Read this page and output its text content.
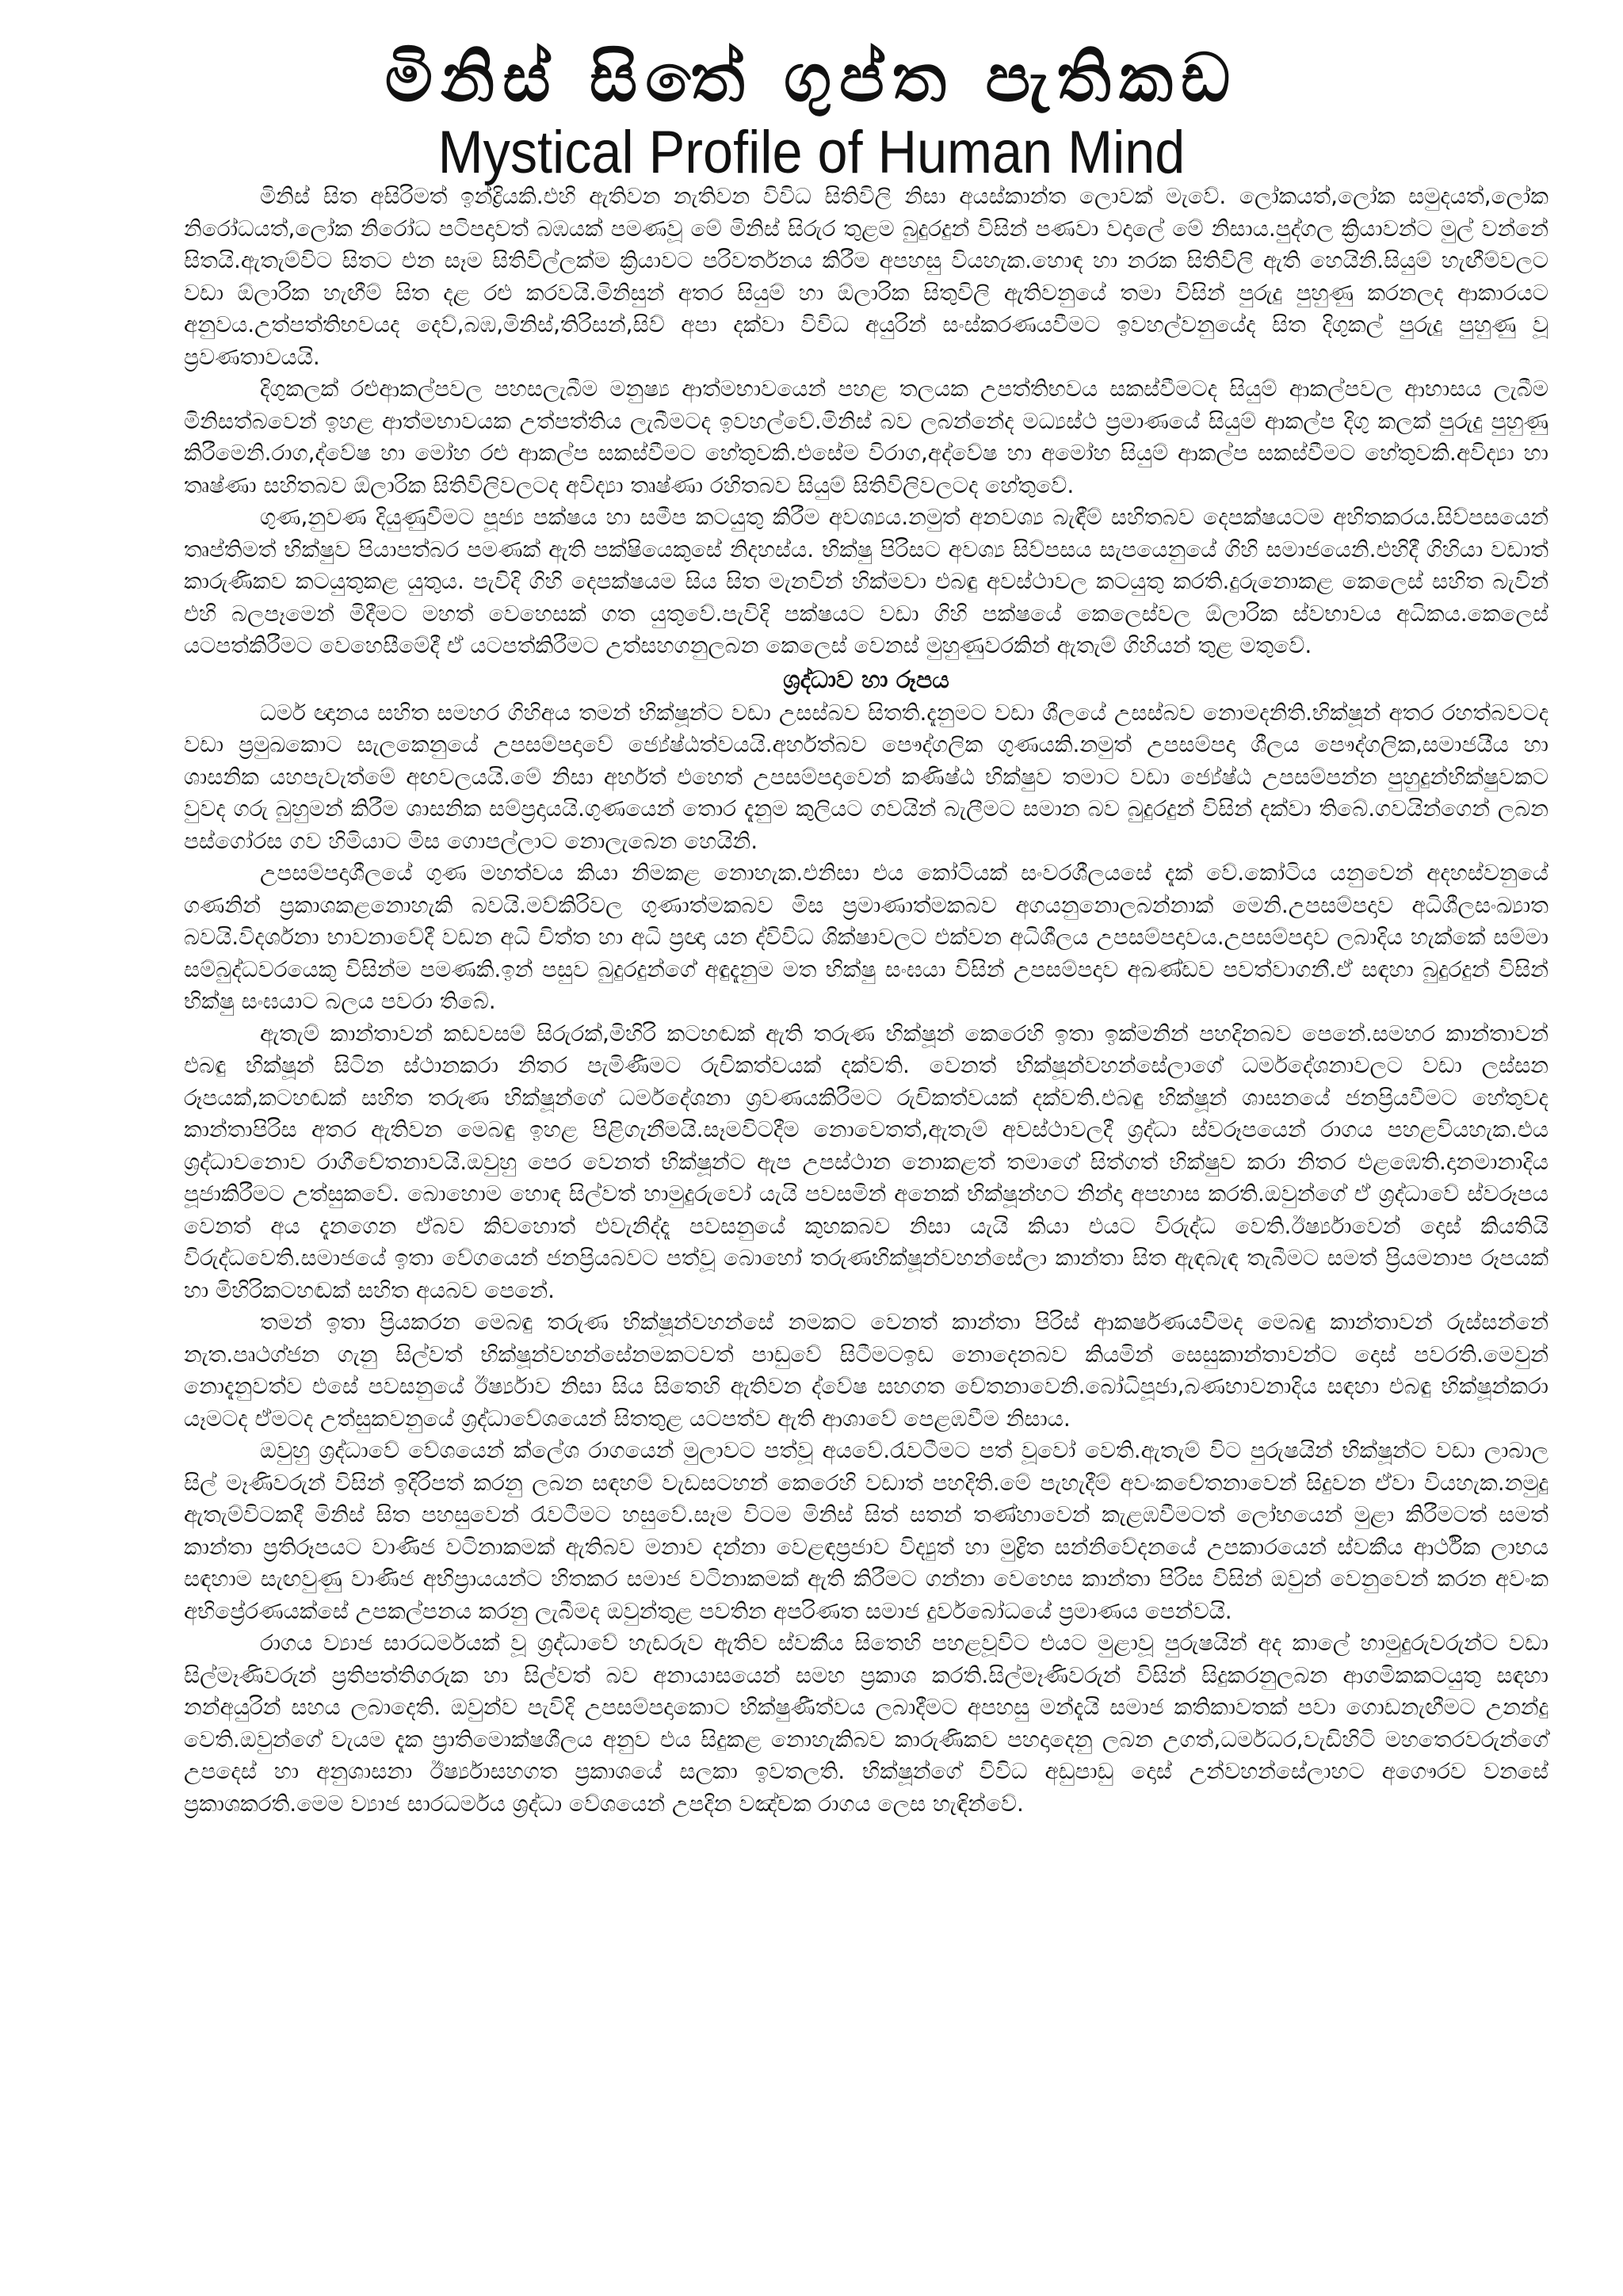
මිනිස් සිතේ ගුප්ත පැතිකඩ
Mystical Profile of Human Mind

මිනිස් සිත අසිරිමත් ඉන්ද්‍රියකි.එහි ඇතිවන නැතිවන විවිධ සිතිවිලි නිසා අයස්කාන්ත ලොවක් මැවේ. ලෝකයත්,ලෝක සමුදයත්,ලෝක නිරෝධයත්,ලෝක නිරෝධ පටිපදාවත් බඹයක් පමණවූ මේ මිනිස් සිරුර තුළම බුදුරදුන් විසින් පණවා වදාලේ මේ නිසාය.පුද්ගල ක්‍රියාවන්ට මුල් වන්නේ සිතයි.ඇතැම්විට සිතට එන සෑම සිතිවිල්ලක්ම ක්‍රියාවට පරිවර්තනය කිරීම අපහසු වියහැක.හොඳ හා නරක සිතිවිලි ඇති හෙයිනි.සියුම් හැඟීම්වලට වඩා ඕලාරික හැඟීම් සිත දළ රළු කරවයි.මිනිසුන් අතර සියුම් හා ඕලාරික සිතුවිලි ඇතිවනුයේ තමා විසින් පුරුදු පුහුණු කරනලද ආකාරයට අනුවය.උත්පත්තිභවයද දෙව්,බඹ,මිනිස්,තිරිසන්,සිව් අපා දක්වා විවිධ අයුරින් සංස්කරණයවීමට ඉවහල්වනුයේද සිත දිගුකල් පුරුදු පුහුණු වූ ප්‍රවණතාවයයි.

දිගුකලක් රළුආකල්පවල පහසලැබීම මනුෂ්‍ය ආත්මභාවයෙන් පහළ තලයක උපත්තිභවය සකස්වීමටද සියුම් ආකල්පවල ආභාසය ලැබීම මිනිසත්බවෙන් ඉහළ ආත්මභාවයක උත්පත්තිය ලැබීමටද ඉවහල්වේ.මිනිස් බව ලබන්නේද මධ්‍යස්ථ ප්‍රමාණයේ සියුම් ආකල්ප දිගු කලක් පුරුදු පුහුණු කිරීමෙනි.රාග,ද්වේෂ හා මෝහ රළු ආකල්ප සකස්වීමට හේතුවකි.එසේම විරාග,අද්වේෂ හා අමෝහ සියුම් ආකල්ප සකස්වීමට හේතුවකි.අවිද්‍යා හා තෘෂ්ණා සහිතබව ඕලාරික සිතිවිලිවලටද අවිද්‍යා තෘෂ්ණා රහිතබව සියුම් සිතිවිලිවලටද හේතුවේ.

ගුණ,නුවණ දියුණුවීමට පූජ්‍ය පක්ෂය හා සමීප කටයුතු කිරීම අවශ්‍යය.නමුත් අනවශ්‍ය බැඳීම් සහිතබව දෙපක්ෂයටම අහිතකරය.සිව්පසයෙන් තෘප්තිමත් භික්ෂුව පියාපත්බර පමණක් ඇති පක්ෂියෙකුසේ නිදහස්ය. භික්ෂු පිරිසට අවශ්‍ය සිව්පසය සැපයෙනුයේ ගිහි සමාජයෙනි.එහිදී ගිහියා වඩාත් කාරුණිකව කටයුතුකළ යුතුය. පැවිදි ගිහි දෙපක්ෂයම සිය සිත මැනවින් හික්මවා එබඳු අවස්ථාවල කටයුතු කරති.දුරුනොකළ කෙලෙස් සහිත බැවින් එහි බලපෑමෙන් මිදීමට මහත් වෙහෙසක් ගත යුතුවේ.පැවිදි පක්ෂයට වඩා ගිහි පක්ෂයේ කෙලෙස්වල ඕලාරික ස්වභාවය අධිකය.කෙලෙස් යටපත්කිරීමට වෙහෙසීමේදී ඒ යටපත්කිරීමට උත්සහගනුලබන කෙලෙස් වෙනස් මුහුණුවරකින් ඇතැම් ගිහියන් තුළ මතුවේ.

ශ්‍රද්ධාව හා රූපය

ධර්ම ඥානය සහිත සමහර ගිහිඅය තමන් භික්ෂූන්ට වඩා උසස්බව සිතති.දැනුමට වඩා ශීලයේ උසස්බව නොමදනිති.භික්ෂූන් අතර රහත්බවටද වඩා ප්‍රමුඛකොට සැලකෙනුයේ උපසම්පදාවේ ජ්‍යේෂ්ඨත්වයයි.අර්හත්බව පෞද්ගලික ගුණයකි.නමුත් උපසම්පදා ශීලය පෞද්ගලික,සමාජයීය හා ශාසනික යහපැවැත්මේ අඟවලයයි.මේ නිසා අර්හත් එහෙත් උපසම්පදාවෙන් කණිෂ්ඨ භික්ෂුව තමාට වඩා ජ්‍යේෂ්ඨ උපසම්පන්න පුහුදුන්භික්ෂුවකට වුවද ගරු බුහුමන් කිරීම ශාසනික සම්ප්‍රදායයි.ගුණයෙන් තොර දැනුම කුලියට ගවයින් බැලීමට සමාන බව බුදුරදුන් විසින් දක්වා තිබේ.ගවයින්ගෙන් ලබන පස්ගෝරස ගව හිමියාට මිස ගොපල්ලාට නොලැබෙන හෙයිනි.

උපසම්පදාශීලයේ ගුණ මහත්වය කියා නිමකළ නොහැක.එනිසා එය කෝටියක් සංවරශීලයසේ දැක් වේ.කෝටිය යනුවෙන් අදහස්වනුයේ ගණනින් ප්‍රකාශකළනොහැකි බවයි.මව්කිරිවල ගුණාත්මකබව මිස ප්‍රමාණාත්මකබව අගයනුනොලබන්නාක් මෙනි.උපසම්පදාව අධිශීලසංඛ්‍යාත බවයි.විදර්ශනා භාවනාවේදී වඩන අධි චිත්ත හා අධි ප්‍රඥා යන ද්විවිධ ශික්ෂාවලට එක්වන අධිශීලය උපසම්පදාවය.උපසම්පදාව ලබාදිය හැක්කේ සම්මා සම්බුද්ධවරයෙකු විසින්ම පමණකි.ඉන් පසුව බුදුරදුන්ගේ අඳුදැනුම මත භික්ෂු සංඝයා විසින් උපසම්පදාව අඛණ්ඩව පවත්වාගනී.ඒ සඳහා බුදුරදුන් විසින් භික්ෂු සංඝයාට බලය පවරා තිබේ.

ඇතැම් කාන්තාවන් කඩවසම් සිරුරක්,මිහිරි කටහඬක් ඇති තරුණ භික්ෂූන් කෙරෙහි ඉතා ඉක්මනින් පහදිනබව පෙනේ.සමහර කාන්තාවන් එබඳු භික්ෂූන් සිටින ස්ථානකරා නිතර පැමිණීමට රුචිකත්වයක් දක්වති. වෙනත් භික්ෂූන්වහන්සේලාගේ ධර්මදේශනාවලට වඩා ලස්සන රූපයක්,කටහඬක් සහිත තරුණ භික්ෂූන්ගේ ධර්මදේශනා ශ්‍රවණයකිරීමට රුචිකත්වයක් දක්වති.එබඳු භික්ෂූන් ශාසනයේ ජනප්‍රියවීමට හේතුවද කාන්තාපිරිස අතර ඇතිවන මෙබඳු ඉහළ පිළිගැනීමයි.සෑමවිටදීම නොවෙතත්,ඇතැම් අවස්ථාවලදී ශ්‍රද්ධා ස්වරූපයෙන් රාගය පහළවියහැක.එය ශ්‍රද්ධාවනොව රාගීචේතනාවයි.ඔවුහු පෙර වෙනත් භික්ෂූන්ට ඇප උපස්ථාන නොකළත් තමාගේ සිත්ගත් භික්ෂුව කරා නිතර එළඹෙති.දානමානාදිය පූජාකිරීමට උත්සුකවේ. බොහොම හොඳ සිල්වත් හාමුදුරුවෝ යැයි පවසමින් අනෙක් භික්ෂූන්හට නින්දා අපහාස කරති.ඔවුන්ගේ ඒ ශ්‍රද්ධාවේ ස්වරූපය වෙනත් අය දැනගෙන ඒබව කිවහොත් එවැනිද්දෑ පවසනුයේ කුහකබව නිසා යැයි කියා එයට විරුද්ධ වෙති.ඊර්ෂ්‍යාවෙන් දොස් කියතියි විරුද්ධවෙති.සමාජයේ ඉතා වේගයෙන් ජනප්‍රියබවට පත්වූ බොහෝ තරුණභික්ෂූන්වහන්සේලා කාන්තා සිත ඇඳබැඳ තැබීමට සමත් ප්‍රියමනාප රූපයක් හා මිහිරිකටහඬක් සහිත අයබව පෙනේ.

තමන් ඉතා ප්‍රියකරන මෙබඳු තරුණ භික්ෂූන්වහන්සේ නමකට වෙනත් කාන්තා පිරිස් ආකර්ෂණයවීමද මෙබඳු කාන්තාවන් රුස්සන්නේ නැත.පෘථග්ජන ගැනු සිල්වත් භික්ෂූන්වහන්සේනමකටවත් පාඩුවේ සිටීමටඉඩ නොදෙනබව කියමින් සෙසුකාන්තාවන්ට දොස් පවරති.මෙවුන් නොදැනුවත්ව එසේ පවසනුයේ ඊර්ෂ්‍යාව නිසා සිය සිතෙහි ඇතිවන ද්වේෂ සහගත චේතනාවෙනි.බෝධිපූජා,බණභාවනාදිය සඳහා එබඳු භික්ෂූන්කරා යෑමටද ඒමටද උත්සුකවනුයේ ශ්‍රද්ධාවේශයෙන් සිතතුළ යටපත්ව ඇති ආශාවේ පෙළඹවීම නිසාය.

ඔවුහු ශ්‍රද්ධාවේ වේශයෙන් ක්ලේශ රාගයෙන් මුලාවට පත්වූ අයවේ.රැවටීමට පත් වූවෝ වෙති.ඇතැම් විට පුරුෂයින් භික්ෂූන්ට වඩා ලාබාල සිල් මෑණිවරුන් විසින් ඉදිරිපත් කරනු ලබන සඳහම් වැඩසටහන් කෙරෙහි වඩාත් පහදිති.මේ පැහැදීම් අවංකචේතනාවෙන් සිදුවන ඒවා වියහැක.නමුදු ඇතැම්විටකදී මිනිස් සිත පහසුවෙන් රැවටීමට හසුවේ.සෑම විටම මිනිස් සිත් සතන් තණ්හාවෙන් කැළඹවීමටත් ලෝභයෙන් මුළා කිරීමටත් සමත් කාන්තා ප්‍රතිරූපයට වාණිජ වටිනාකමක් ඇතිබව මනාව දන්නා වෙළඳප්‍රජාව විද්‍යුත් හා මුද්‍රිත සන්නිවේදනයේ උපකාරයෙන් ස්වකීය ආර්ථික ලාභය සඳහාම සැඟවුණු වාණිජ අභිප්‍රායයන්ට හිතකර සමාජ වටිනාකමක් ඇති කිරීමට ගන්නා වෙහෙස කාන්තා පිරිස විසින් ඔවුන් වෙනුවෙන් කරන අවංක අභිප්‍රේරණයක්සේ උපකල්පනය කරනු ලැබීමද ඔවුන්තුළ පවතින අපරිණත සමාජ දුර්වබෝධයේ ප්‍රමාණය පෙන්වයි.

රාගය ව්‍යාජ සාරධර්මයක් වූ ශ්‍රද්ධාවේ හැඩරුව ඇතිව ස්වකීය සිතෙහි පහළවූවිට එයට මුළාවූ පුරුෂයින් අද කාලේ හාමුදුරුවරුන්ට වඩා සිල්මෑණිවරුන් ප්‍රතිපත්තිගරුක හා සිල්වත් බව අනායාසයෙන් සමහ ප්‍රකාශ කරති.සිල්මෑණිවරුන් විසින් සිදුකරනුලබන ආගමිකකටයුතු සඳහා නන්අයුරින් සහය ලබාදෙති. ඔවුන්ව පැවිදි උපසම්පදාකොට භික්ෂුණීත්වය ලබාදීමට අපහසු මන්දැයි සමාජ කතිකාවතක් පවා ගොඩනැඟීමට උනන්දු වෙති.ඔවුන්ගේ වැයම දැක ප්‍රාතිමොක්ෂශීලය අනුව එය සිදුකළ නොහැකිබව කාරුණිකව පහදාදෙනු ලබන උගත්,ධර්මධර,වැඩිහිටි මහතෙරවරුන්ගේ උපදෙස් හා අනුශාසනා ඊර්ෂ්‍යාසහගත ප්‍රකාශයේ සලකා ඉවතලති. භික්ෂූන්ගේ විවිධ අඩුපාඩු දොස් උන්වහන්සේලාහට අගෞරව වනසේ ප්‍රකාශකරති.මෙම ව්‍යාජ සාරධර්මය ශ්‍රද්ධා වේශයෙන් උපදින වඤ්චක රාගය ලෙස හැඳින්වේ.
